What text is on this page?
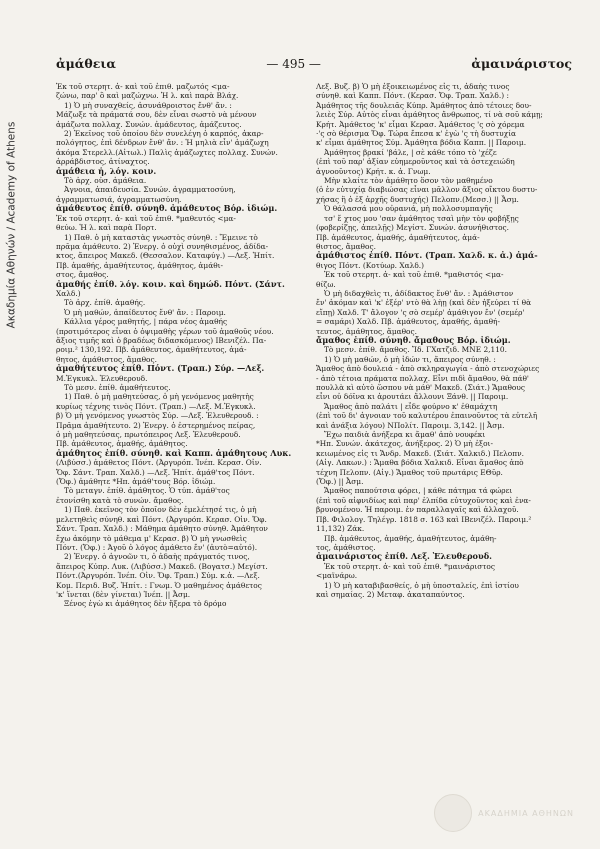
Ακαδημία Αθηνών / Academy of Athens
ἀμάθεια	— 495 —	ἀμαινάριστος
Ἐκ τοῦ στερητ. ἀ- καὶ τοῦ ἐπιθ. μαζωτός <μα-
ζώνω, παρ' ὃ καὶ μαζώχνω. Ἡ λ. καὶ παρὰ Βλάχ.
1) Ὁ μὴ συναχθείς, ἀσυνάθροιστος ἔνθ' ἄν. :
Μάζωξε τὰ πράματά σου, δὲν εἶναι σωστὸ νὰ μένουν
ἀμάζωτα πολλαχ. Συνών. ἀμάδευτος, ἀμάζευτος.
2) Ἐκεῖνος τοῦ ὁποίου δὲν συνελέγη ὁ καρπός, ἀκαρ-
πολόγητος, ἐπὶ δένδρων ἔνθ' ἄν. : Ἡ μηλιὰ εἶν' ἀμάζωχη
ἀκόμα Στερελλ.(Αἰτωλ.) Παλὶς ἀμάζωχτες πολλαχ. Συνών.
ἀρράβδιστος, ἀτίναχτος.
ἀμάθεια ἡ, λόγ. κοιν.
Τὸ ἀρχ. οὐσ. ἀμάθεια.
Ἀγνοια, ἀπαιδευσία. Συνών. ἀγραμματοσύνη,
ἀγραμματωσιά, ἀγραμματωσύνη.
ἀμάθευτος ἐπίθ. σύνηθ. ἀμάθευτος Βόρ. ἰδιώμ.
Ἐκ τοῦ στερητ. ἀ- καὶ τοῦ ἐπιθ. *μαθευτός <μα-
θεύω. Ἡ λ. καὶ παρὰ Πορτ.
1) Παθ. ὁ μὴ καταστὰς γνωστὸς σύνηθ. : Ἔμεινε τὸ
πρᾶμα ἀμάθευτο. 2) Ἐνεργ. ὁ οὐχὶ συνηθισμένος, ἀδίδα-
κτος, ἄπειρος Μακεδ. (Θεσσαλον. Καταφύγ.) —Λεξ. Ἠπίτ.
Πβ. ἀμαθής, ἀμαθήτευτος, ἀμάθητος, ἀμάθι-
στος, ἄμαθος.
ἀμαθής ἐπίθ. λόγ. κοιν. καὶ δημώδ. Πόντ. (Σάντ.
Χαλδ.)
Τὸ ἀρχ. ἐπίθ. ἀμαθής.
Ὁ μὴ μαθών, ἀπαίδευτος ἔνθ' ἄν. : Παροιμ.
Κάλλια γέρος μαθητής, | πάρα νέος ἀμαθής
(προτιμότερος εἶναι ὁ ὀψιμαθὴς γέρων τοῦ ἀμαθοῦς νέου.
ἄξιος τιμῆς καὶ ὁ βραδέως διδασκόμενος) ΙΒενιζέλ. Πα-
ροιμ.² 130,192. Πβ. ἀμάθευτος, ἀμαθήτευτος, ἀμά-
θητος, ἀμάθιστος, ἄμαθος.
ἀμαθήτευτος ἐπίθ. Πόντ. (Τραπ.) Σύρ. —Λεξ.
Μ.Ἐγκυκλ. Ἐλευθερουδ.
Τὸ μεσν. ἐπίθ. ἀμαθήτευτος.
1) Παθ. ὁ μὴ μαθητεύσας, ὁ μὴ γενόμενος μαθητὴς
κυρίως τέχνης τινὸς Πόντ. (Τραπ.) —Λεξ. Μ.Ἐγκυκλ.
β) Ὁ μὴ γενόμενος γνωστὸς Σύρ. —Λεξ. Ἐλευθερουδ. :
Πρᾶμα ἀμαθήτευτο. 2) Ἐνεργ. ὁ ἐστερημένος πείρας,
ὁ μὴ μαθητεύσας, πρωτόπειρος Λεξ. Ἐλευθερουδ.
Πβ. ἀμάθευτος, ἀμαθής, ἀμάθητος.
ἀμάθητος ἐπίθ. σύνηθ. καὶ Καππ. ἀμάθητους Λυκ.
(Λιβύσσ.) ἀμάθετος Πόντ. (Ἀργυρόπ. Ἰνέπ. Κερασ. Οἰν.
Ὄφ. Σάντ. Τραπ. Χαλδ.) —Λεξ. Ἠπίτ. ἀμάθ'τος Πόντ.
(Ὄφ.) ἀμάθητε *Ηπ. ἀμάθ'τους Βόρ. ἰδιώμ.
Τὸ μεταγν. ἐπίθ. ἀμάθητος. Ὁ τύπ. ἀμάθ'τος
ἐτονίσθη κατὰ τὸ συνών. ἄμαθος.
1) Παθ. ἐκεῖνος τὸν ὁποῖον δὲν ἐμελέτησέ τις, ὁ μὴ
μελετηθεὶς σύνηθ. καὶ Πόντ. (Ἀργυρόπ. Κερασ. Οἰν. Ὄφ.
Σάντ. Τραπ. Χαλδ.) : Μάθημα ἀμάθητο σύνηθ. Ἀμάθητον
ἔχω ἀκόμην τὸ μάθεμα μ' Κερασ. β) Ὁ μὴ γνωσθεὶς
Πόντ. (Ὄφ.) : Ἀγοῦ ὁ λόγος ἀμάθετο ἔν' (ἀυτὸ=αὐτό).
2) Ἐνεργ. ὁ ἀγνοῶν τι, ὁ ἀδαὴς πράγματός τινος,
ἄπειρος Κύπρ. Λυκ. (Λιβύσσ.) Μακεδ. (Βογατσ.) Μεγίστ.
Πόντ.(Ἀργυρόπ. Ἰνέπ. Οἰν. Ὄφ. Τραπ.) Σύμ. κ.ἀ. —Λεξ.
Κομ. Περιδ. Βυζ. Ἠπίτ. : Γνωμ. Ὁ μαθημένος ἀμάθετος
'κ' ἵνεται (δὲν γίνεται) Ἰνέπ. || Ἆσμ.
Ξένος ἐγὼ κι ἀμάθητος δὲν ἤξερα τὸ δρόμο
Λεξ. Βυζ. β) Ὁ μὴ ἐξοικειωμένος εἰς τι, ἀδαὴς τινος
σύνηθ. καὶ Καππ. Πόντ. (Κερασ. Ὄφ. Τραπ. Χαλδ.) :
Ἀμάθητος τῆς δουλειᾶς Κύπρ. Ἀμάθητος ἀπὸ τέτοιες δου-
λειὲς Σύρ. Αὐτὸς εἶναι ἀμάθητος ἄνθρωπος, τί νὰ σοῦ κάμῃ;
Κρήτ. Ἀμάθετος 'κ' εἶμαι Κερασ. Ἀμάθετος 'ς σὸ χόρεμα
·'ς σὸ θέρισμα Ὄφ. Τώρα ἔπεσα κ' ἐγὼ 'ς τὴ δυστυχία
κ' εἶμαι ἀμάθητος Σύμ. Ἀμάθητα βόδια Καππ. || Παροιμ.
Ἀμάθητος βρακί 'βάλε, | σὲ κάθε τόπο τὸ 'χέζε
(ἐπὶ τοῦ παρ' ἀξίαν εὐημεροῦντος καὶ τὰ ὀστεχειώδη
ἀγνοοῦντος) Κρήτ. κ. ἀ. Γνωμ.
Μὴν κλαίτε τὸν ἀμάθητο ὅσον τὸν μαθημένο
(ὁ ἐν εὐτυχίᾳ διαβιώσας εἶναι μᾶλλον ἄξιος οἴκτου δυστυ-
χήσας ἢ ὁ ἐξ ἀρχῆς δυστυχής) Πελοπν.(Μεσσ.) || Ἆσμ.
Ὁ θάλασσά μου οὐρανιά, μὴ πολλοσυμπαγῆς
τσ' ἔ χτος μου 'σαν ἀμάθητος τσαὶ μὴν τὸν φοβήξῃς
(φοβερίζῃς, ἀπειλῇς) Μεγίστ. Συνών. ἀσυνήθιστος.
Πβ. ἀμάθευτος, ἀμαθής, ἀμαθήτευτος, ἀμά-
θιστος, ἄμαθος.
ἀμάθιστος ἐπίθ. Πόντ. (Τραπ. Χαλδ. κ. ἀ.) ἀμά-
θιγος Πόντ. (Κοτύωρ. Χαλδ.)
Ἐκ τοῦ στερητ. ἀ- καὶ τοῦ ἐπιθ. *μαθιστός <μα-
θίζω.
Ὁ μὴ διδαχθεὶς τι, ἀδίδακτος ἔνθ' ἄν. : Ἀμάθιστον
ἔν' ἀκόμαν καὶ 'κ' ἐξέρ' ντὸ θὰ λὴῃ (καὶ δὲν ἠξεύρει τί θὰ
εἴπῃ) Χαλδ. Τ' ἄλογον 'ς σὸ σεμέρ' ἀμάθιγον ἔν' (σεμέρ'
= σαμάρι) Χαλδ. Πβ. ἀμάθευτος, ἀμαθής, ἀμαθή-
τευτος, ἀμάθητος, ἄμαθος.
ἄμαθος ἐπίθ. σύνηθ. ἄμαθους Βόρ. ἰδιώμ.
Τὸ μεσν. ἐπίθ. ἄμαθος. Ἴδ. ΓΧατζιδ. ΜΝΕ 2,110.
1) Ὁ μὴ μαθών, ὁ μὴ ἰδών τι, ἄπειρος σύνηθ. :
Ἄμαθος ἀπὸ δουλειά - ἀπὸ σκληραγωγία - ἀπὸ στενοχώριες
- ἀπὸ τέτοια πράματα πολλαχ. Εἶνι πιδὶ ἄμαθου, θὰ πάθ'
πουλλὰ κὶ αὐτὸ ὥσπου νὰ μάθ' Μακεδ. (Σιάτ.) Ἄμαθους
εἶνι οὐ δόῖνα κι ἀρουτάει ἄλλουνι Ξάνθ. || Παροιμ.
Ἄμαθος ἀπὸ παλάτι | εἶδε φούρνο κ' ἐθαμάχτη
(ἐπὶ τοῦ δι' ἀγνοιαν τοῦ καλυτέρου ἐπαινοῦντος τὰ εὐτελῆ
καὶ ἀνάξια λόγου) ΝΠολίτ. Παροιμ. 3,142. || Ἆσμ.
Ἔχω παιδιὰ ἀνήξερα κι ἄμαθ' ἀπὸ νουφέκι
*Ηπ. Συνών. ἀκάτεχος, ἀνήξερος. 2) Ὁ μὴ ἐξοι-
κειωμένος εἰς τι Ἄνδρ. Μακεδ. (Σιάτ. Χαλκιδ.) Πελοπν.
(Αἰγ. Λακων.) : Ἄμαθα βόδια Χαλκιδ. Εἶναι ἄμαθος ἀπὸ
τέχνη Πελοπν. (Αἰγ.) Ἄμαθος τοῦ πρωτάρις ΕΘῦρ.
(Ὄφ.) || Ἆσμ.
Ἄμαθος παπούτσια φόρει, | κάθε πάτημα τά φώρει
(ἐπὶ τοῦ αἰφνιδίως καὶ παρ' ἐλπίδα εὐτυχοῦντος καὶ ἐνα-
βρυνομένου. Ἡ παροιμ. ἐν παραλλαγαῖς καὶ ἀλλαχοῦ.
Πβ. Φιλολογ. Τηλέγρ. 1818 σ. 163 καὶ ΙΒενιζέλ. Παροιμ.²
11,132) Ζάκ.
Πβ. ἀμάθευτος, ἀμαθής, ἀμαθήτευτος, ἀμάθη-
τος, ἀμάθιστος.
ἀμαινάριστος ἐπίθ. Λεξ. Ἐλευθερουδ.
Ἐκ τοῦ στερητ. ἀ- καὶ τοῦ ἐπιθ. *μαινάριστος
<μαϊνάρω.
1) Ὁ μὴ καταβιβασθείς, ὁ μὴ ὑποσταλείς, ἐπὶ ἱστίου
καὶ σημαίας. 2) Μεταφ. ἀκαταπαύντος.
ΑΚΑΔΗΜΙΑ ΑΘΗΝΩΝ
